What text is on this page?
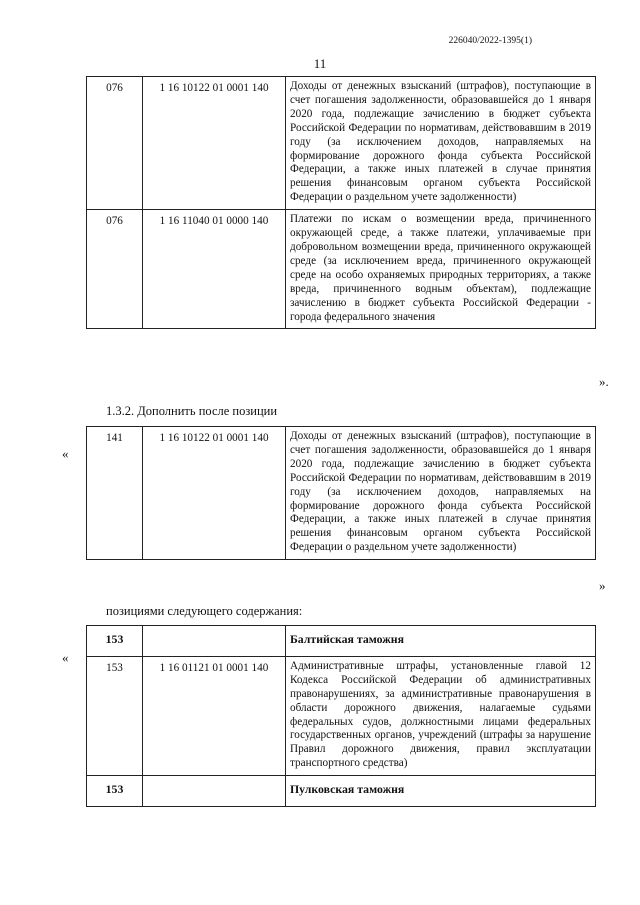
226040/2022-1395(1)
11
076	1 16 10122 01 0001 140	Доходы от денежных взысканий (штрафов), поступающие в счет погашения задолженности, образовавшейся до 1 января 2020 года, подлежащие зачислению в бюджет субъекта Российской Федерации по нормативам, действовавшим в 2019 году (за исключением доходов, направляемых на формирование дорожного фонда субъекта Российской Федерации, а также иных платежей в случае принятия решения финансовым органом субъекта Российской Федерации о раздельном учете задолженности)
076	1 16 11040 01 0000 140	Платежи по искам о возмещении вреда, причиненного окружающей среде, а также платежи, уплачиваемые при добровольном возмещении вреда, причиненного окружающей среде (за исключением вреда, причиненного окружающей среде на особо охраняемых природных территориях, а также вреда, причиненного водным объектам), подлежащие зачислению в бюджет субъекта Российской Федерации - города федерального значения
».
1.3.2. Дополнить после позиции
«
141	1 16 10122 01 0001 140	Доходы от денежных взысканий (штрафов), поступающие в счет погашения задолженности, образовавшейся до 1 января 2020 года, подлежащие зачислению в бюджет субъекта Российской Федерации по нормативам, действовавшим в 2019 году (за исключением доходов, направляемых на формирование дорожного фонда субъекта Российской Федерации, а также иных платежей в случае принятия решения финансовым органом субъекта Российской Федерации о раздельном учете задолженности)
»
позициями следующего содержания:
«
153		Балтийская таможня
153	1 16 01121 01 0001 140	Административные штрафы, установленные главой 12 Кодекса Российской Федерации об административных правонарушениях, за административные правонарушения в области дорожного движения, налагаемые судьями федеральных судов, должностными лицами федеральных государственных органов, учреждений (штрафы за нарушение Правил дорожного движения, правил эксплуатации транспортного средства)
153		Пулковская таможня
